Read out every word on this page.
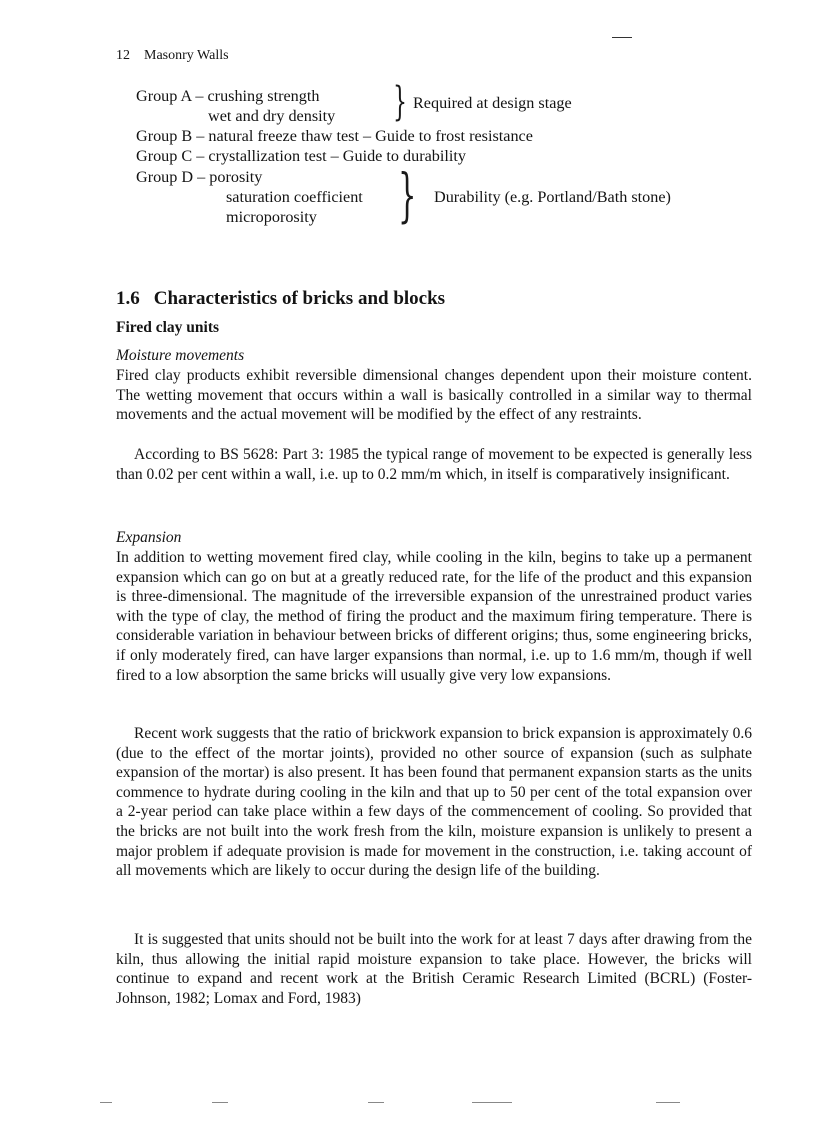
12 Masonry Walls
Group A – crushing strength
wet and dry density } Required at design stage
Group B – natural freeze thaw test – Guide to frost resistance
Group C – crystallization test – Guide to durability
Group D – porosity
saturation coefficient
microporosity } Durability (e.g. Portland/Bath stone)
1.6 Characteristics of bricks and blocks
Fired clay units
Moisture movements

Fired clay products exhibit reversible dimensional changes dependent upon their moisture content. The wetting movement that occurs within a wall is basically controlled in a similar way to thermal movements and the actual movement will be modified by the effect of any restraints.

According to BS 5628: Part 3: 1985 the typical range of movement to be expected is generally less than 0.02 per cent within a wall, i.e. up to 0.2 mm/m which, in itself is comparatively insignificant.

Expansion

In addition to wetting movement fired clay, while cooling in the kiln, begins to take up a permanent expansion which can go on but at a greatly reduced rate, for the life of the product and this expansion is three-dimensional. The magnitude of the irreversible expansion of the unrestrained product varies with the type of clay, the method of firing the product and the maximum firing temperature. There is considerable variation in behaviour between bricks of different origins; thus, some engineering bricks, if only moderately fired, can have larger expansions than normal, i.e. up to 1.6 mm/m, though if well fired to a low absorption the same bricks will usually give very low expansions.

Recent work suggests that the ratio of brickwork expansion to brick expansion is approximately 0.6 (due to the effect of the mortar joints), provided no other source of expansion (such as sulphate expansion of the mortar) is also present. It has been found that permanent expansion starts as the units commence to hydrate during cooling in the kiln and that up to 50 per cent of the total expansion over a 2-year period can take place within a few days of the commencement of cooling. So provided that the bricks are not built into the work fresh from the kiln, moisture expansion is unlikely to present a major problem if adequate provision is made for movement in the construction, i.e. taking account of all movements which are likely to occur during the design life of the building.

It is suggested that units should not be built into the work for at least 7 days after drawing from the kiln, thus allowing the initial rapid moisture expansion to take place. However, the bricks will continue to expand and recent work at the British Ceramic Research Limited (BCRL) (Foster-Johnson, 1982; Lomax and Ford, 1983)
